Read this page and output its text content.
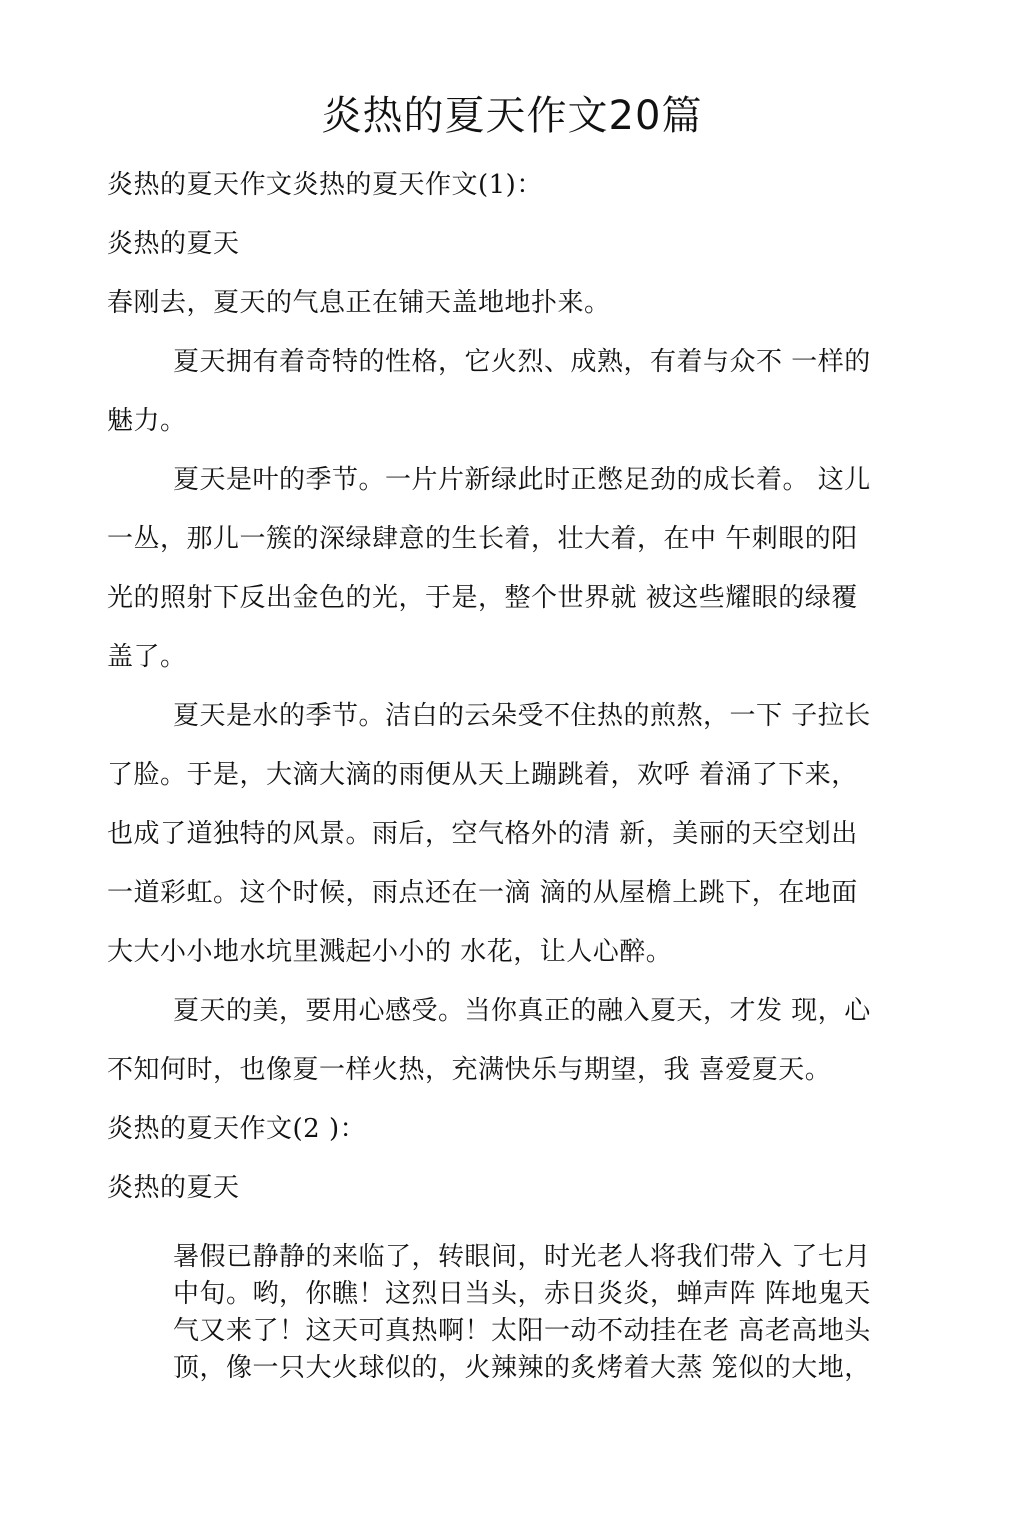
炎热的夏天作文20篇

炎热的夏天作文炎热的夏天作文(1)：

炎热的夏天

春刚去，夏天的气息正在铺天盖地地扑来。

夏天拥有着奇特的性格，它火烈、成熟，有着与众不 一样的

魅力。

夏天是叶的季节。一片片新绿此时正憋足劲的成长着。 这儿

一丛，那儿一簇的深绿肆意的生长着，壮大着，在中 午刺眼的阳

光的照射下反出金色的光，于是，整个世界就 被这些耀眼的绿覆

盖了。

夏天是水的季节。洁白的云朵受不住热的煎熬，一下 子拉长

了脸。于是，大滴大滴的雨便从天上蹦跳着，欢呼 着涌了下来，

也成了道独特的风景。雨后，空气格外的清 新，美丽的天空划出

一道彩虹。这个时候，雨点还在一滴 滴的从屋檐上跳下，在地面

大大小小地水坑里溅起小小的 水花，让人心醉。

夏天的美，要用心感受。当你真正的融入夏天，才发 现，心

不知何时，也像夏一样火热，充满快乐与期望，我 喜爱夏天。

炎热的夏天作文(2 )：

炎热的夏天

暑假已静静的来临了，转眼间，时光老人将我们带入 了七月

中旬。哟，你瞧！这烈日当头，赤日炎炎，蝉声阵 阵地鬼天

气又来了！这天可真热啊！太阳一动不动挂在老 高老高地头

顶，像一只大火球似的，火辣辣的炙烤着大蒸 笼似的大地，
